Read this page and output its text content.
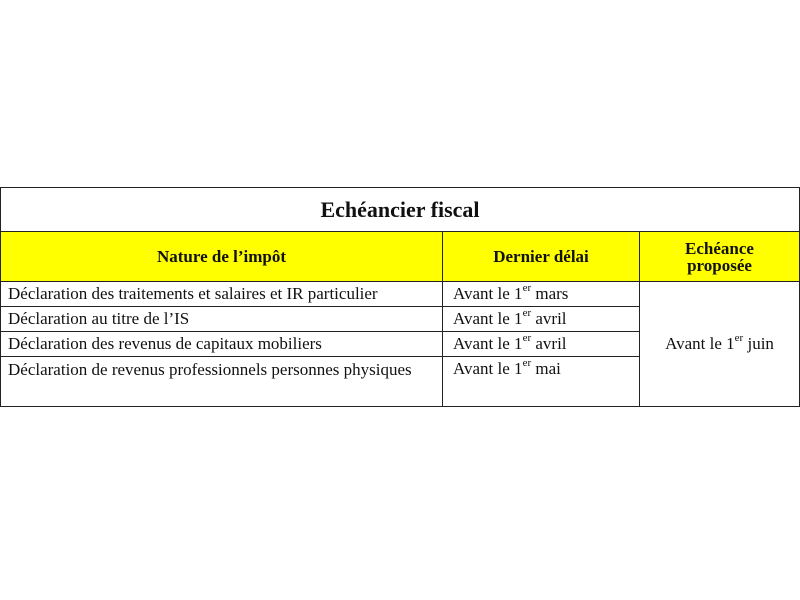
Echéancier fiscal		
Nature de l’impôt	Dernier délai	Echéance
proposée

Déclaration des traitements et salaires et IR particulier	Avant le 1er mars	Avant le 1er juin
Déclaration au titre de l’IS	Avant le 1er avril	
Déclaration des revenus de capitaux mobiliers	Avant le 1er avril	
Déclaration de revenus professionnels personnes physiques	Avant le 1er mai	
